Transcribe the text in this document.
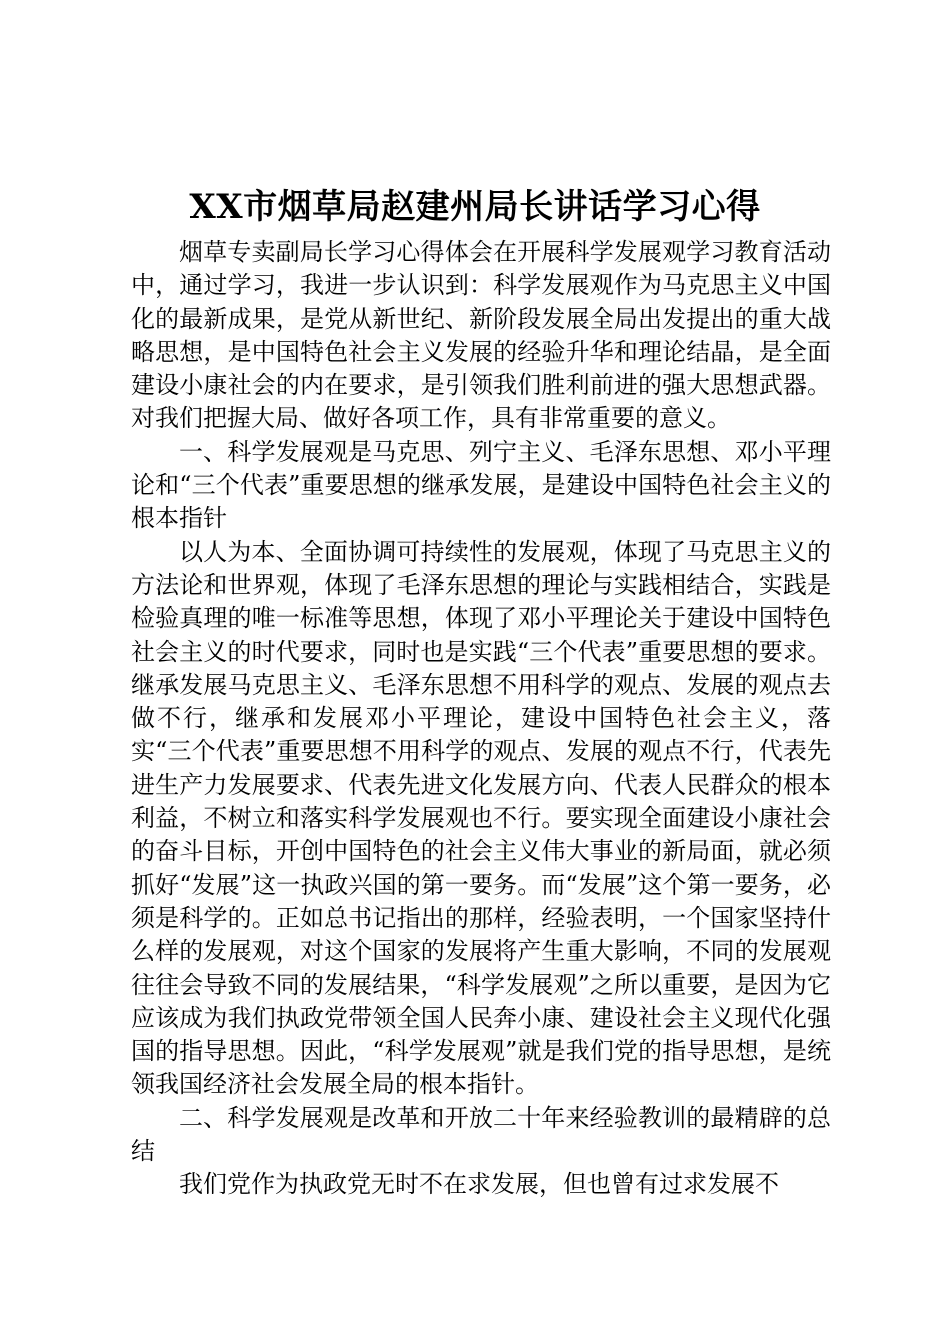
XX市烟草局赵建州局长讲话学习心得

烟草专卖副局长学习心得体会在开展科学发展观学习教育活动中，通过学习，我进一步认识到：科学发展观作为马克思主义中国化的最新成果，是党从新世纪、新阶段发展全局出发提出的重大战略思想，是中国特色社会主义发展的经验升华和理论结晶，是全面建设小康社会的内在要求，是引领我们胜利前进的强大思想武器。对我们把握大局、做好各项工作，具有非常重要的意义。

一、科学发展观是马克思、列宁主义、毛泽东思想、邓小平理论和“三个代表”重要思想的继承发展，是建设中国特色社会主义的根本指针

以人为本、全面协调可持续性的发展观，体现了马克思主义的方法论和世界观，体现了毛泽东思想的理论与实践相结合，实践是检验真理的唯一标准等思想，体现了邓小平理论关于建设中国特色社会主义的时代要求，同时也是实践“三个代表”重要思想的要求。继承发展马克思主义、毛泽东思想不用科学的观点、发展的观点去做不行，继承和发展邓小平理论，建设中国特色社会主义，落实“三个代表”重要思想不用科学的观点、发展的观点不行，代表先进生产力发展要求、代表先进文化发展方向、代表人民群众的根本利益，不树立和落实科学发展观也不行。要实现全面建设小康社会的奋斗目标，开创中国特色的社会主义伟大事业的新局面，就必须抓好“发展”这一执政兴国的第一要务。而“发展”这个第一要务，必须是科学的。正如总书记指出的那样，经验表明，一个国家坚持什么样的发展观，对这个国家的发展将产生重大影响，不同的发展观往往会导致不同的发展结果，“科学发展观”之所以重要，是因为它应该成为我们执政党带领全国人民奔小康、建设社会主义现代化强国的指导思想。因此，“科学发展观”就是我们党的指导思想，是统领我国经济社会发展全局的根本指针。

二、科学发展观是改革和开放二十年来经验教训的最精辟的总结

我们党作为执政党无时不在求发展，但也曾有过求发展不
